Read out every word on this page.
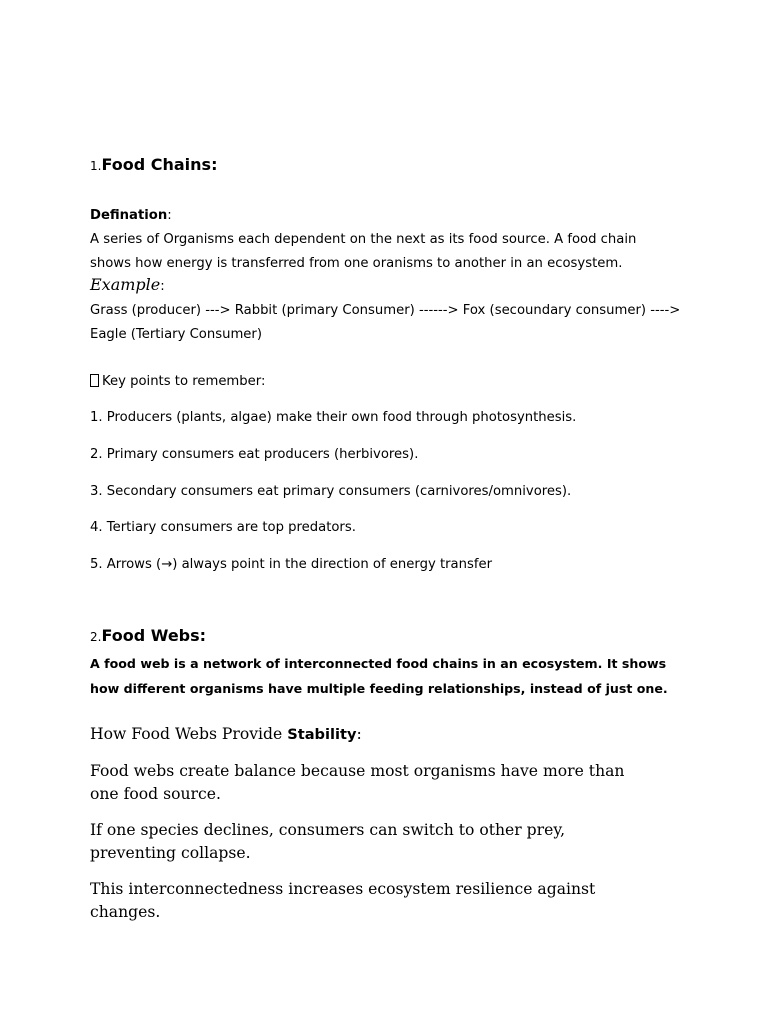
1.Food Chains:
Defination:
A series of Organisms each dependent on the next as its food source. A food chain
shows how energy is transferred from one oranisms to another in an ecosystem.
Example:
Grass (producer) ---> Rabbit (primary Consumer) ------> Fox (secoundary consumer) ---->
Eagle (Tertiary Consumer)
Key points to remember:
1. Producers (plants, algae) make their own food through photosynthesis.
2. Primary consumers eat producers (herbivores).
3. Secondary consumers eat primary consumers (carnivores/omnivores).
4. Tertiary consumers are top predators.
5. Arrows (→) always point in the direction of energy transfer
2.Food Webs:
A food web is a network of interconnected food chains in an ecosystem. It shows
how different organisms have multiple feeding relationships, instead of just one.
How Food Webs Provide Stability:
Food webs create balance because most organisms have more than
one food source.
If one species declines, consumers can switch to other prey,
preventing collapse.
This interconnectedness increases ecosystem resilience against
changes.
